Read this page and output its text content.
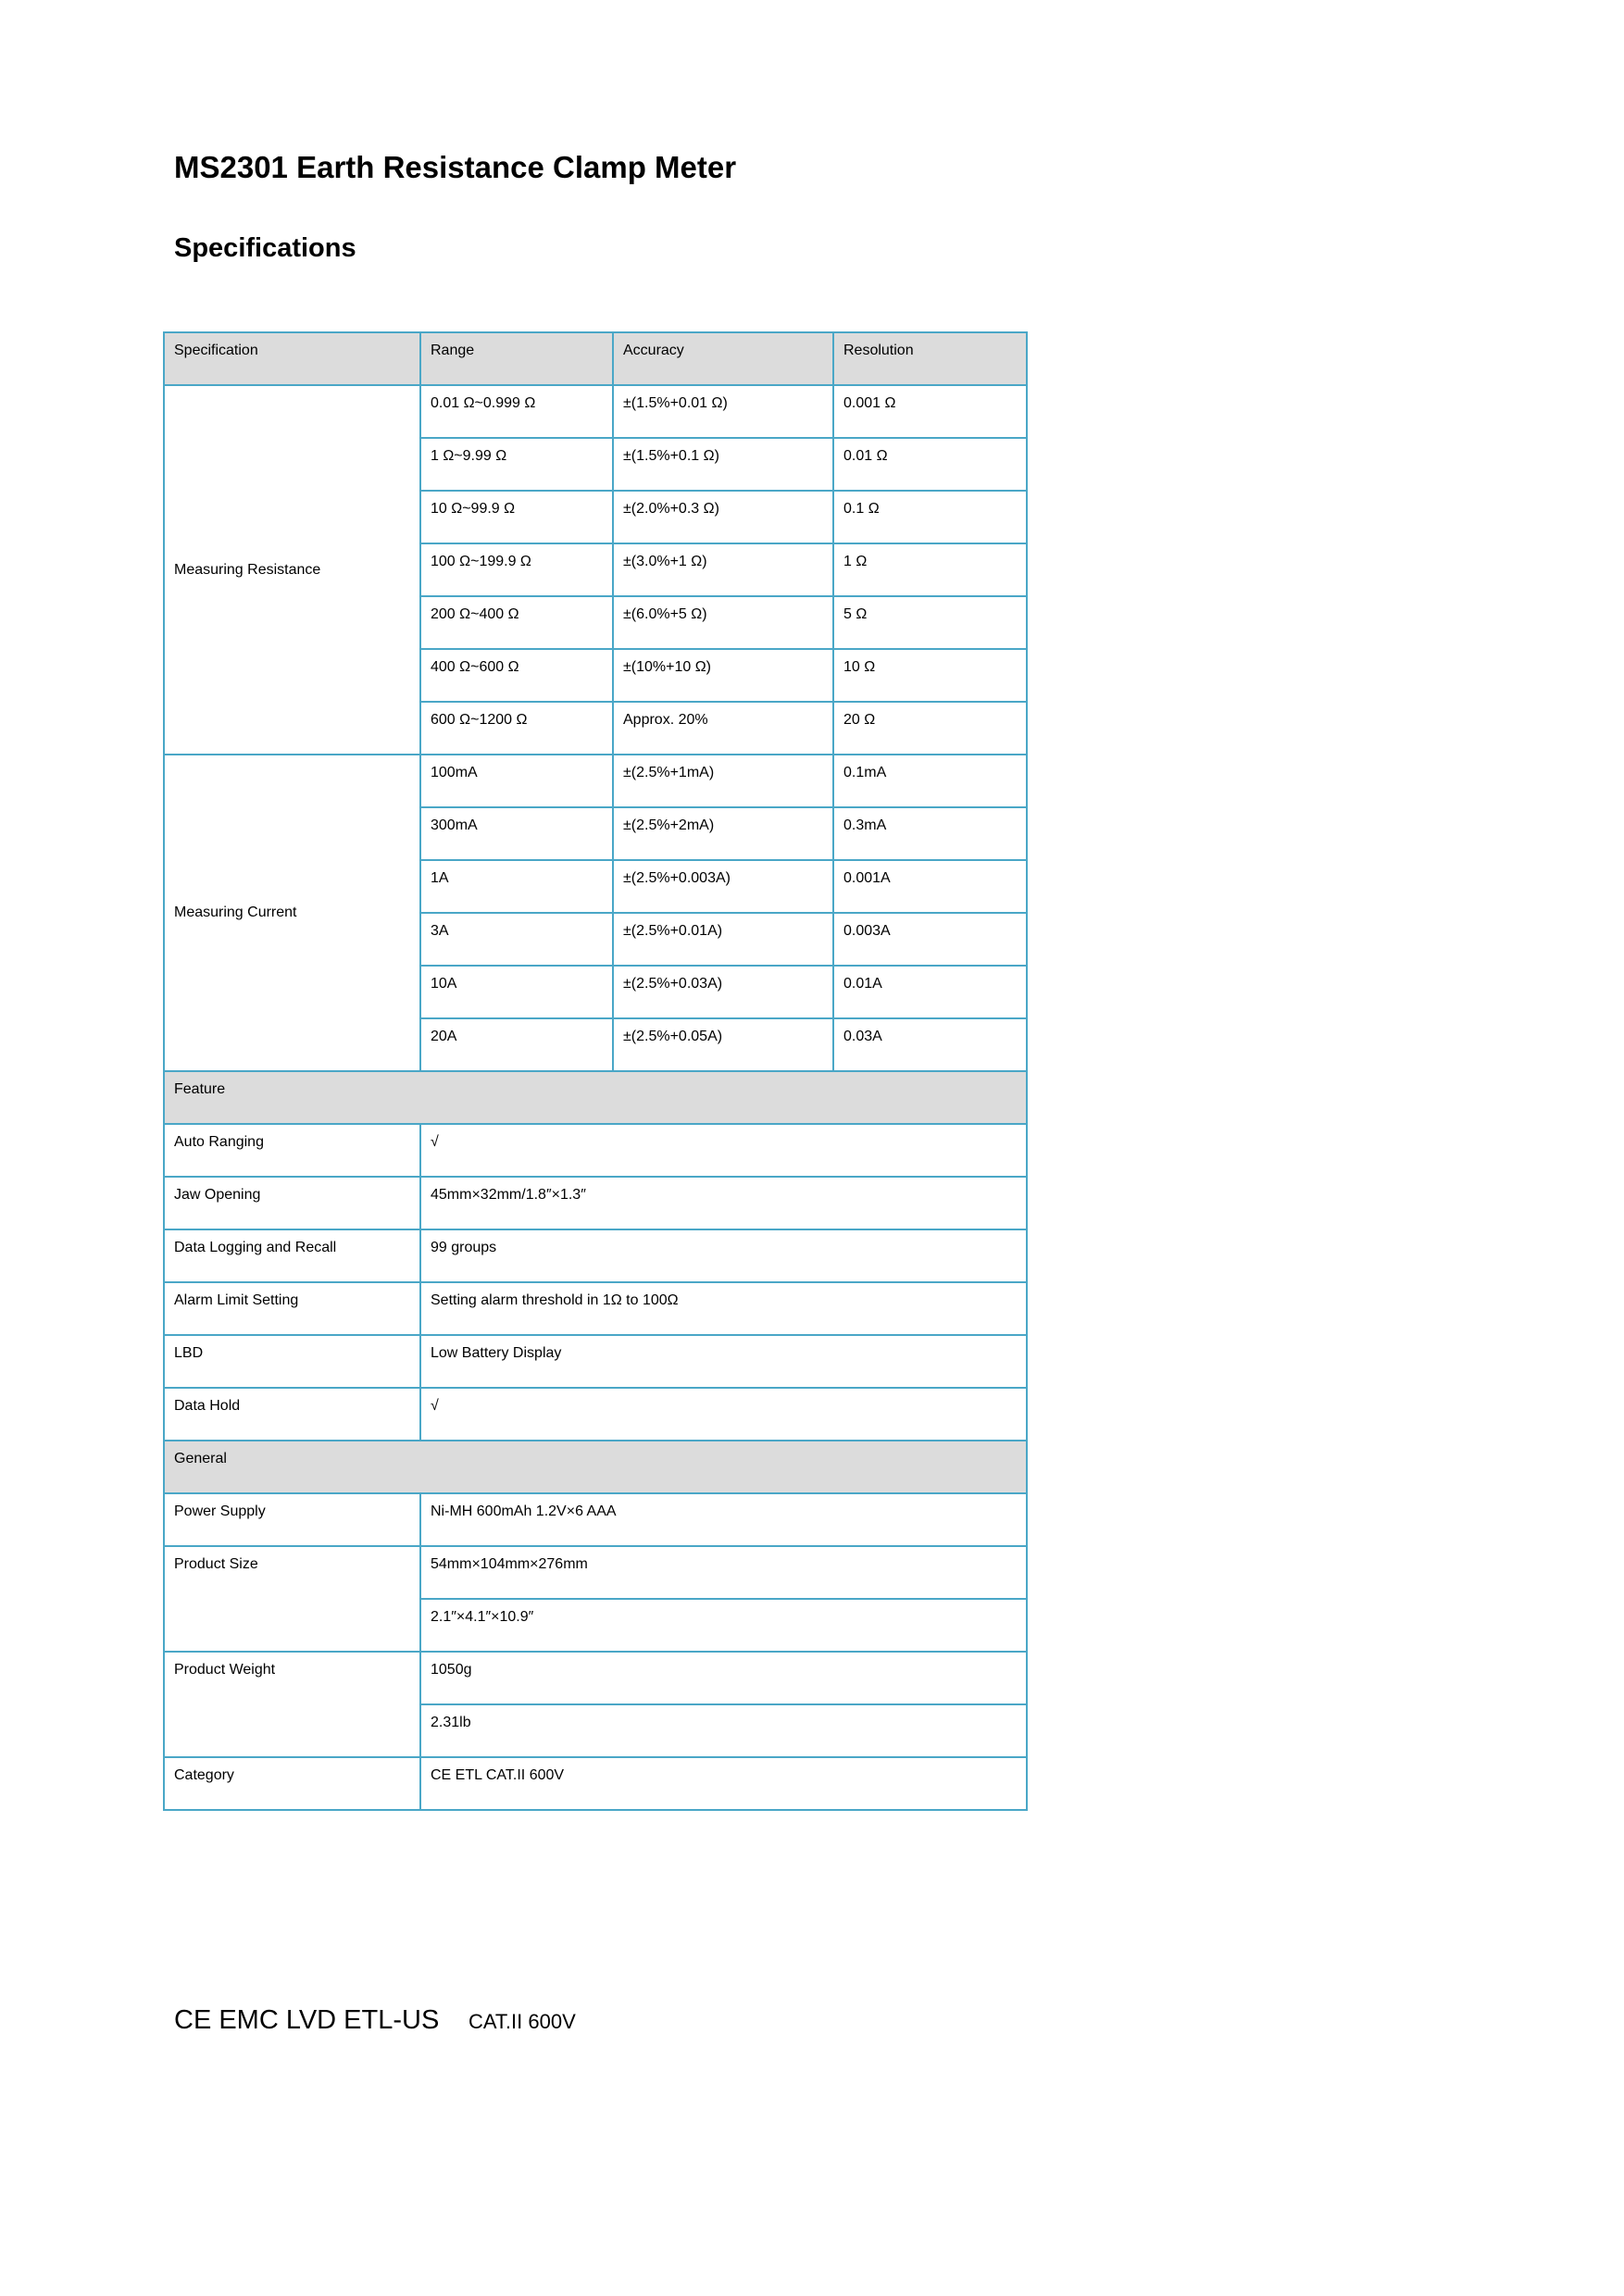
MS2301 Earth Resistance Clamp Meter
Specifications
Specification	Range	Accuracy	Resolution
Measuring Resistance	0.01 Ω~0.999 Ω	±(1.5%+0.01 Ω)	0.001 Ω
	1 Ω~9.99 Ω	±(1.5%+0.1 Ω)	0.01 Ω
	10 Ω~99.9 Ω	±(2.0%+0.3 Ω)	0.1 Ω
	100 Ω~199.9 Ω	±(3.0%+1 Ω)	1 Ω
	200 Ω~400 Ω	±(6.0%+5 Ω)	5 Ω
	400 Ω~600 Ω	±(10%+10 Ω)	10 Ω
	600 Ω~1200 Ω	Approx. 20%	20 Ω
Measuring Current	100mA	±(2.5%+1mA)	0.1mA
	300mA	±(2.5%+2mA)	0.3mA
	1A	±(2.5%+0.003A)	0.001A
	3A	±(2.5%+0.01A)	0.003A
	10A	±(2.5%+0.03A)	0.01A
	20A	±(2.5%+0.05A)	0.03A
Feature			
Auto Ranging	√		
Jaw Opening	45mm×32mm/1.8″×1.3″		
Data Logging and Recall	99 groups		
Alarm Limit Setting	Setting alarm threshold in 1Ω to 100Ω		
LBD	Low Battery Display		
Data Hold	√		
General			
Power Supply	Ni-MH 600mAh 1.2V×6 AAA		
Product Size	54mm×104mm×276mm		
	2.1″×4.1″×10.9″		
Product Weight	1050g		
	2.31lb		
Category	CE ETL CAT.II 600V		
CE EMC LVD ETL-US CAT.II 600V
